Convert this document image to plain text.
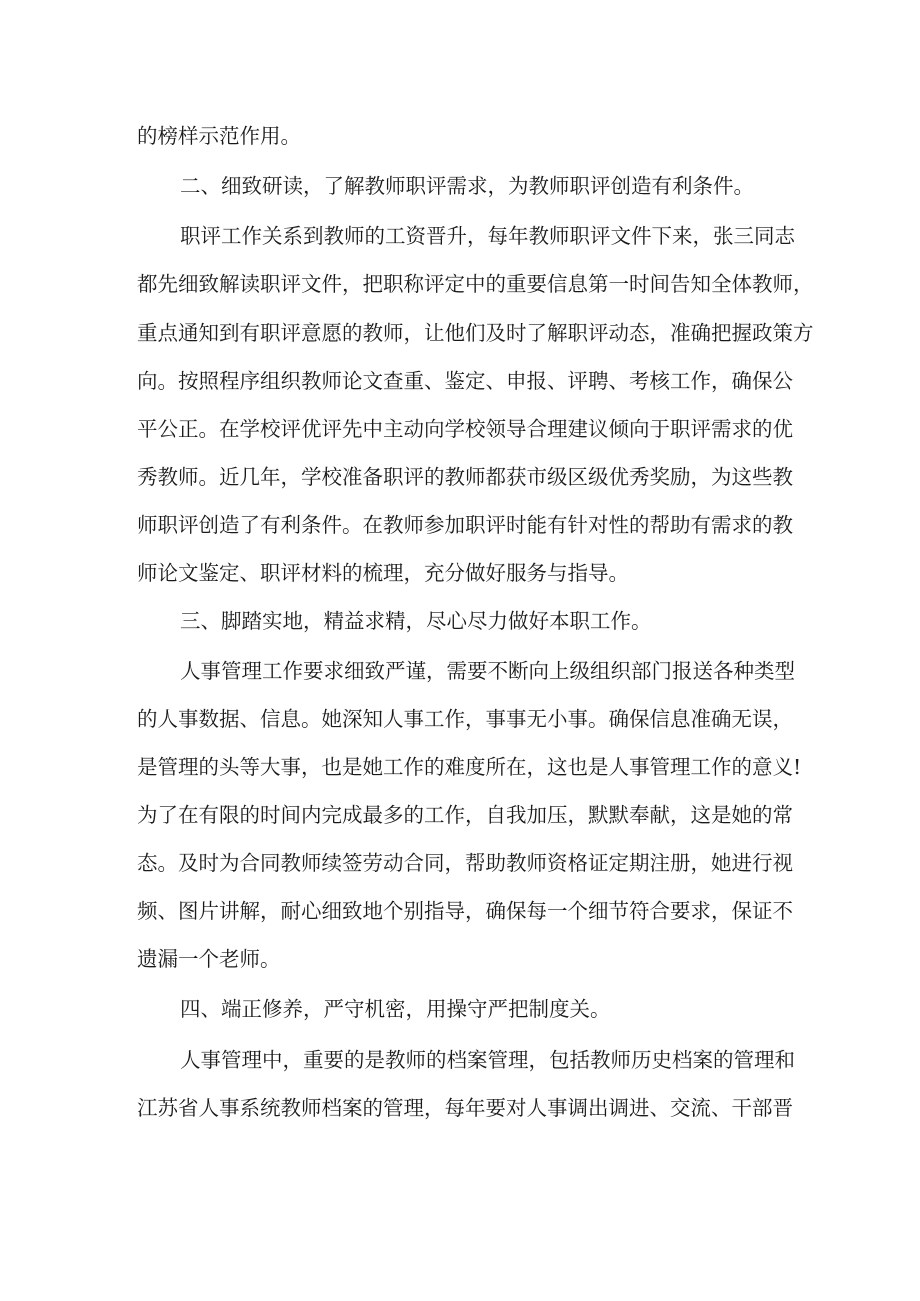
的榜样示范作用。

二、细致研读，了解教师职评需求，为教师职评创造有利条件。

职评工作关系到教师的工资晋升，每年教师职评文件下来，张三同志

都先细致解读职评文件，把职称评定中的重要信息第一时间告知全体教师，

重点通知到有职评意愿的教师，让他们及时了解职评动态，准确把握政策方

向。按照程序组织教师论文查重、鉴定、申报、评聘、考核工作，确保公

平公正。在学校评优评先中主动向学校领导合理建议倾向于职评需求的优

秀教师。近几年，学校准备职评的教师都获市级区级优秀奖励，为这些教

师职评创造了有利条件。在教师参加职评时能有针对性的帮助有需求的教

师论文鉴定、职评材料的梳理，充分做好服务与指导。

三、脚踏实地，精益求精，尽心尽力做好本职工作。

人事管理工作要求细致严谨，需要不断向上级组织部门报送各种类型

的人事数据、信息。她深知人事工作，事事无小事。确保信息准确无误，

是管理的头等大事，也是她工作的难度所在，这也是人事管理工作的意义!

为了在有限的时间内完成最多的工作，自我加压，默默奉献，这是她的常

态。及时为合同教师续签劳动合同，帮助教师资格证定期注册，她进行视

频、图片讲解，耐心细致地个别指导，确保每一个细节符合要求，保证不

遗漏一个老师。

四、端正修养，严守机密，用操守严把制度关。

人事管理中，重要的是教师的档案管理，包括教师历史档案的管理和

江苏省人事系统教师档案的管理，每年要对人事调出调进、交流、干部晋
